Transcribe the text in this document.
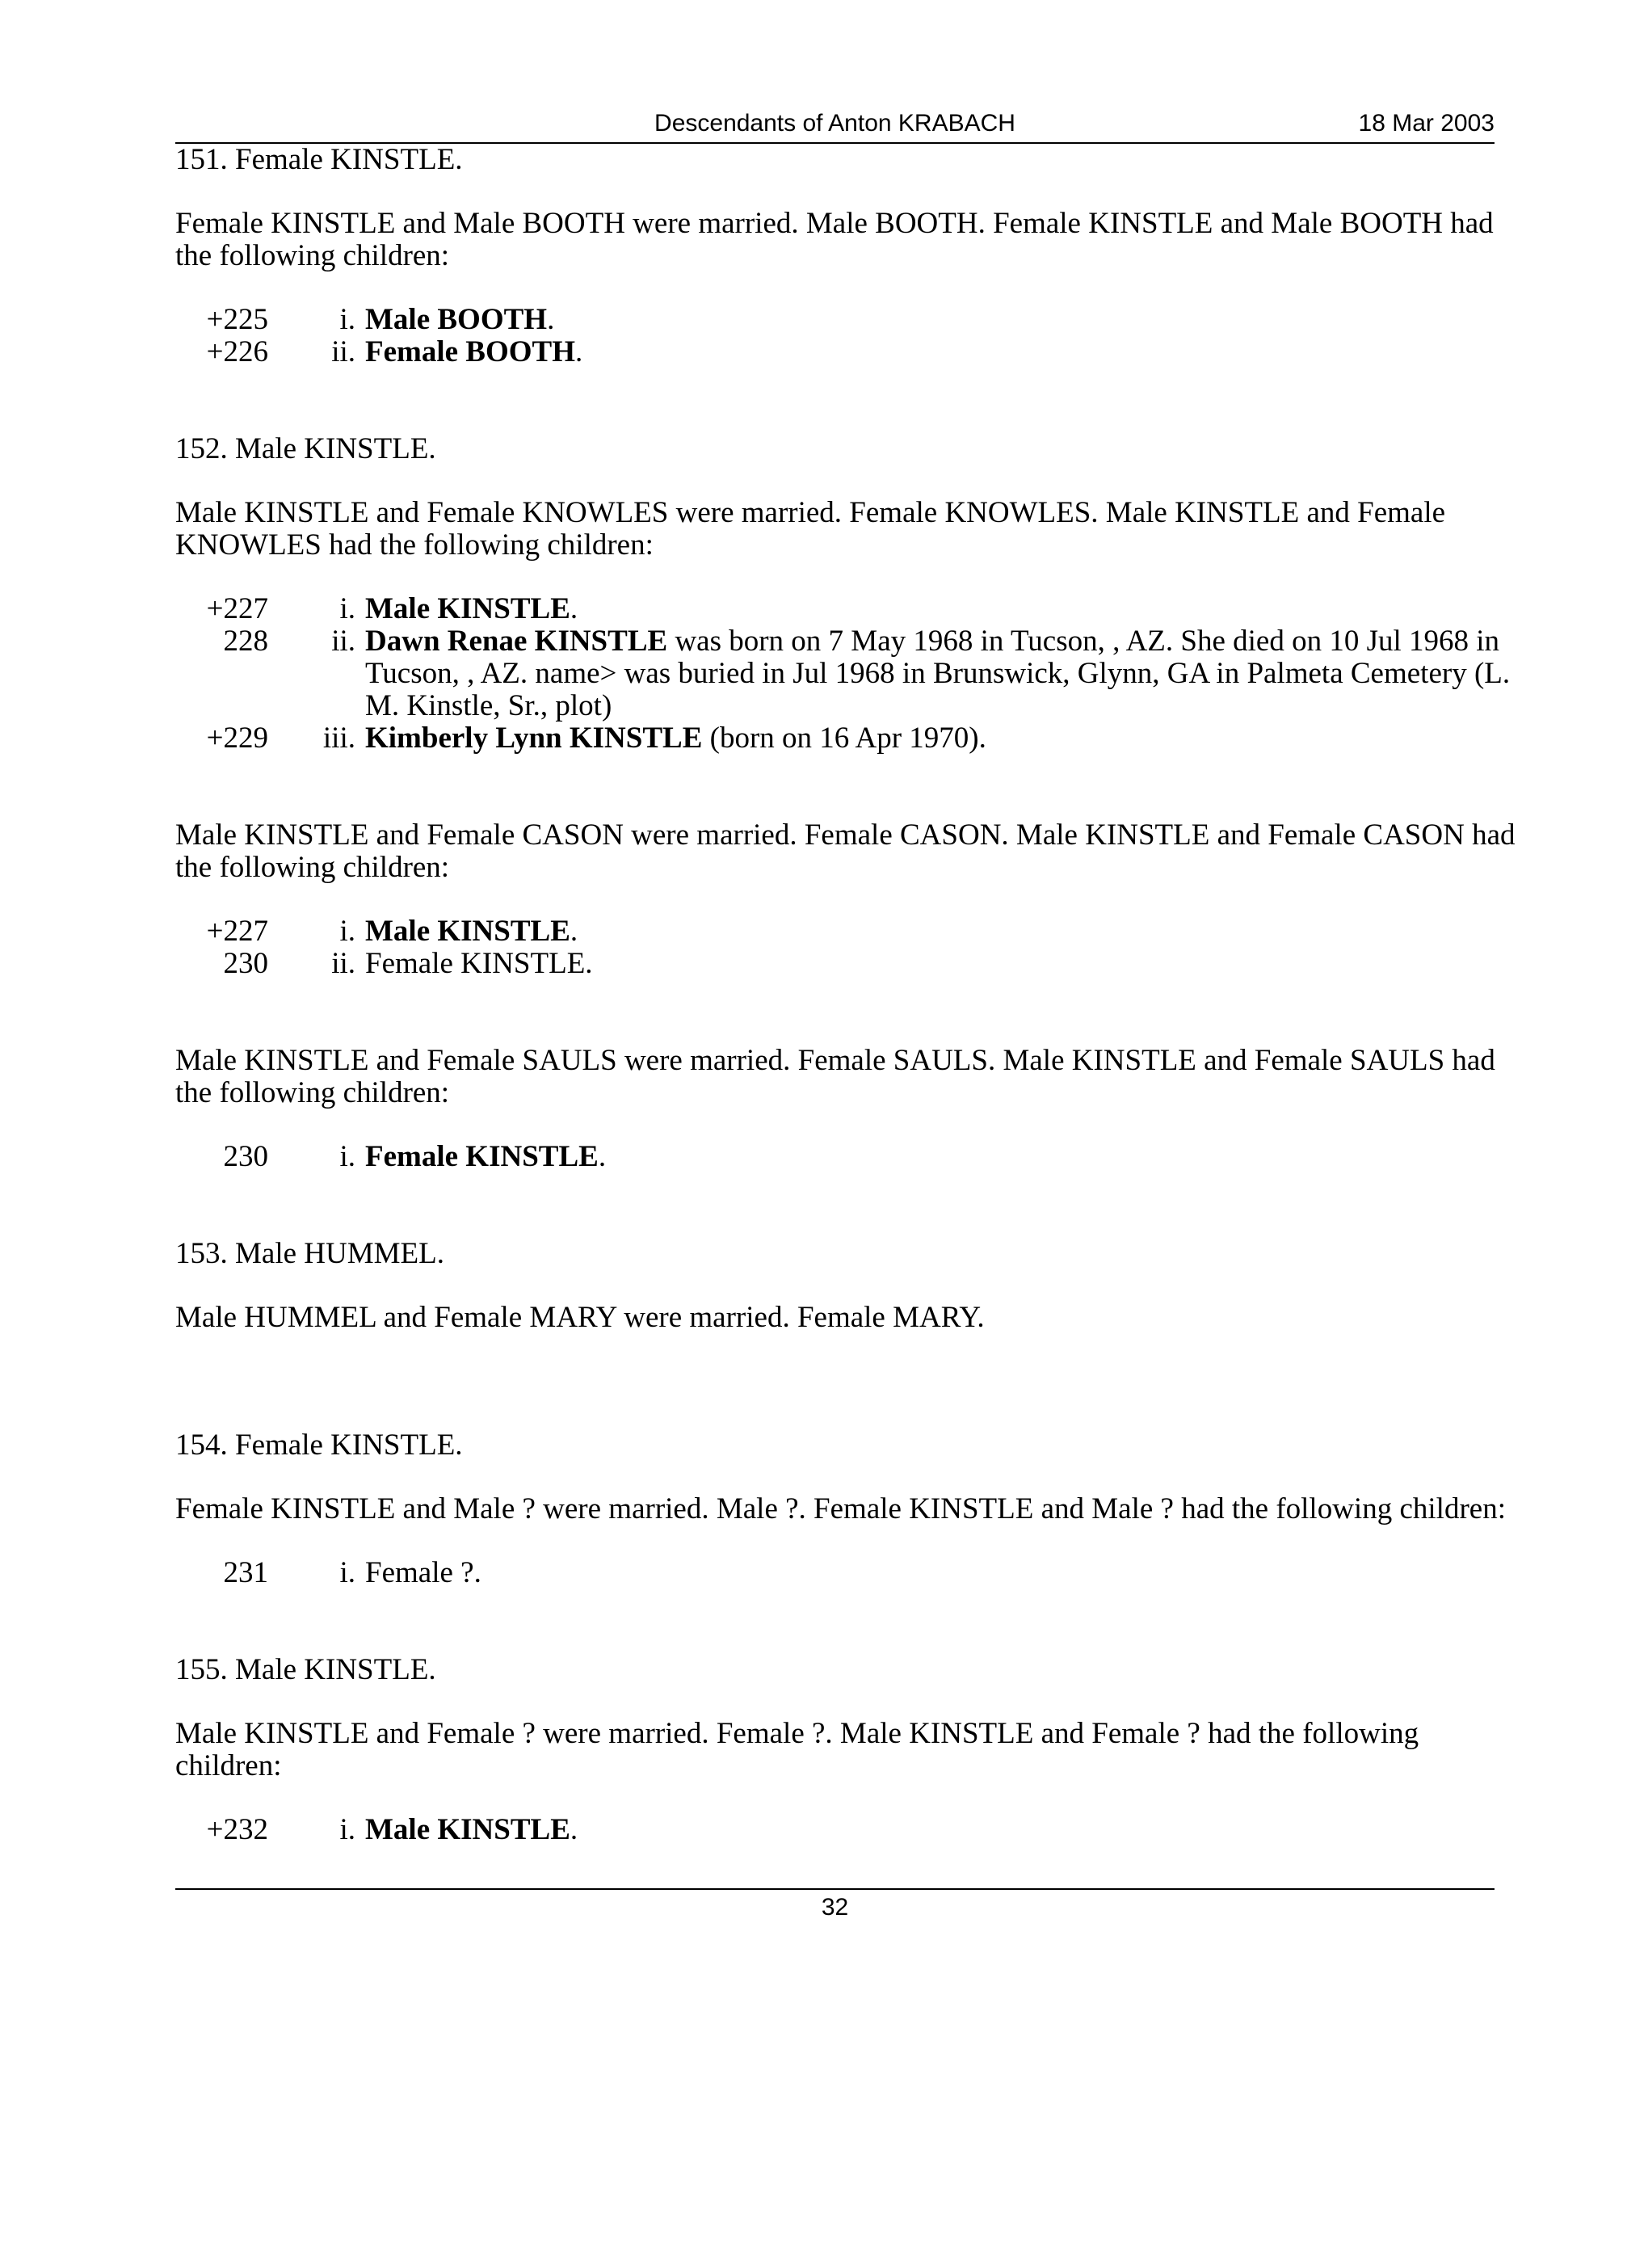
Descendants of Anton KRABACH	18 Mar 2003

151. Female KINSTLE.

Female KINSTLE and Male BOOTH were married. Male BOOTH. Female KINSTLE and Male BOOTH had the following children:

+225	i. Male BOOTH.
+226	ii. Female BOOTH.

152. Male KINSTLE.

Male KINSTLE and Female KNOWLES were married. Female KNOWLES. Male KINSTLE and Female KNOWLES had the following children:

+227	i. Male KINSTLE.
228	ii. Dawn Renae KINSTLE was born on 7 May 1968 in Tucson, , AZ. She died on 10 Jul 1968 in Tucson, , AZ. name> was buried in Jul 1968 in Brunswick, Glynn, GA in Palmeta Cemetery (L. M. Kinstle, Sr., plot)
+229	iii. Kimberly Lynn KINSTLE (born on 16 Apr 1970).

Male KINSTLE and Female CASON were married. Female CASON. Male KINSTLE and Female CASON had the following children:

+227	i. Male KINSTLE.
230	ii. Female KINSTLE.

Male KINSTLE and Female SAULS were married. Female SAULS. Male KINSTLE and Female SAULS had the following children:

230	i. Female KINSTLE.

153. Male HUMMEL.

Male HUMMEL and Female MARY were married. Female MARY.

154. Female KINSTLE.

Female KINSTLE and Male ? were married. Male ?. Female KINSTLE and Male ? had the following children:

231	i. Female ?.

155. Male KINSTLE.

Male KINSTLE and Female ? were married. Female ?. Male KINSTLE and Female ? had the following children:

+232	i. Male KINSTLE.
32
